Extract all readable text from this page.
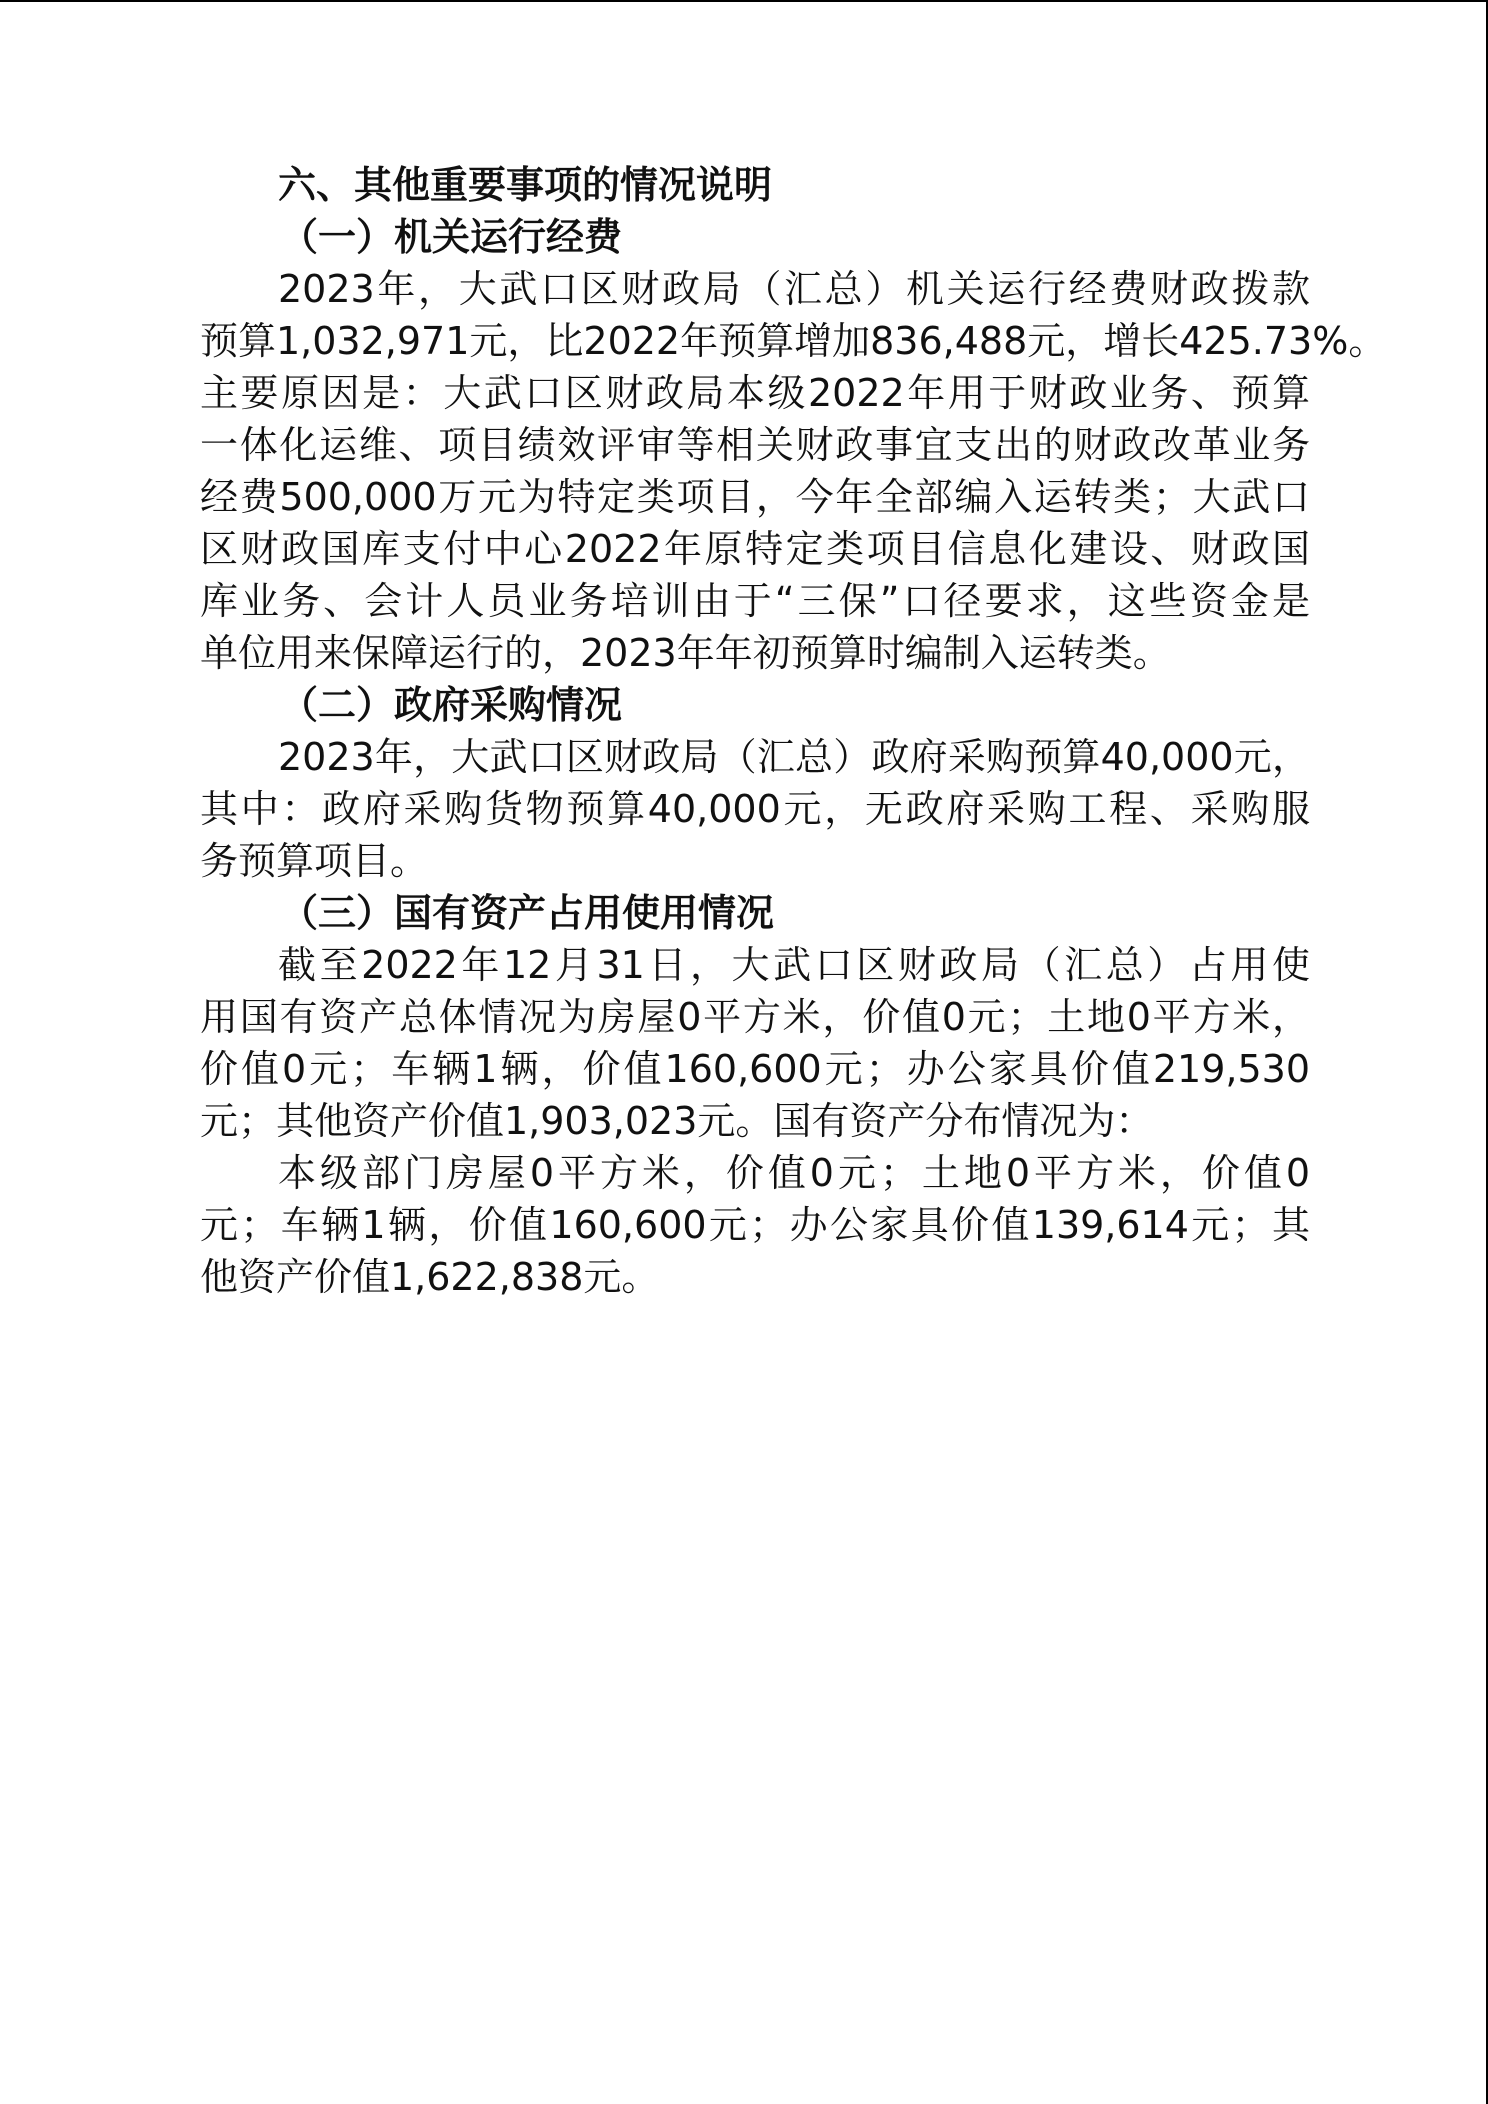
六、其他重要事项的情况说明
（一）机关运行经费
2023年，大武口区财政局（汇总）机关运行经费财政拨款
预算1,032,971元，比2022年预算增加836,488元，增长425.73%。
主要原因是：大武口区财政局本级2022年用于财政业务、预算
一体化运维、项目绩效评审等相关财政事宜支出的财政改革业务
经费500,000万元为特定类项目，今年全部编入运转类；大武口
区财政国库支付中心2022年原特定类项目信息化建设、财政国
库业务、会计人员业务培训由于“三保”口径要求，这些资金是
单位用来保障运行的，2023年年初预算时编制入运转类。
（二）政府采购情况
2023年，大武口区财政局（汇总）政府采购预算40,000元，
其中：政府采购货物预算40,000元，无政府采购工程、采购服
务预算项目。
（三）国有资产占用使用情况
截至2022年12月31日，大武口区财政局（汇总）占用使
用国有资产总体情况为房屋0平方米，价值0元；土地0平方米，
价值0元；车辆1辆，价值160,600元；办公家具价值219,530
元；其他资产价值1,903,023元。国有资产分布情况为：
本级部门房屋0平方米，价值0元；土地0平方米，价值0
元；车辆1辆，价值160,600元；办公家具价值139,614元；其
他资产价值1,622,838元。
